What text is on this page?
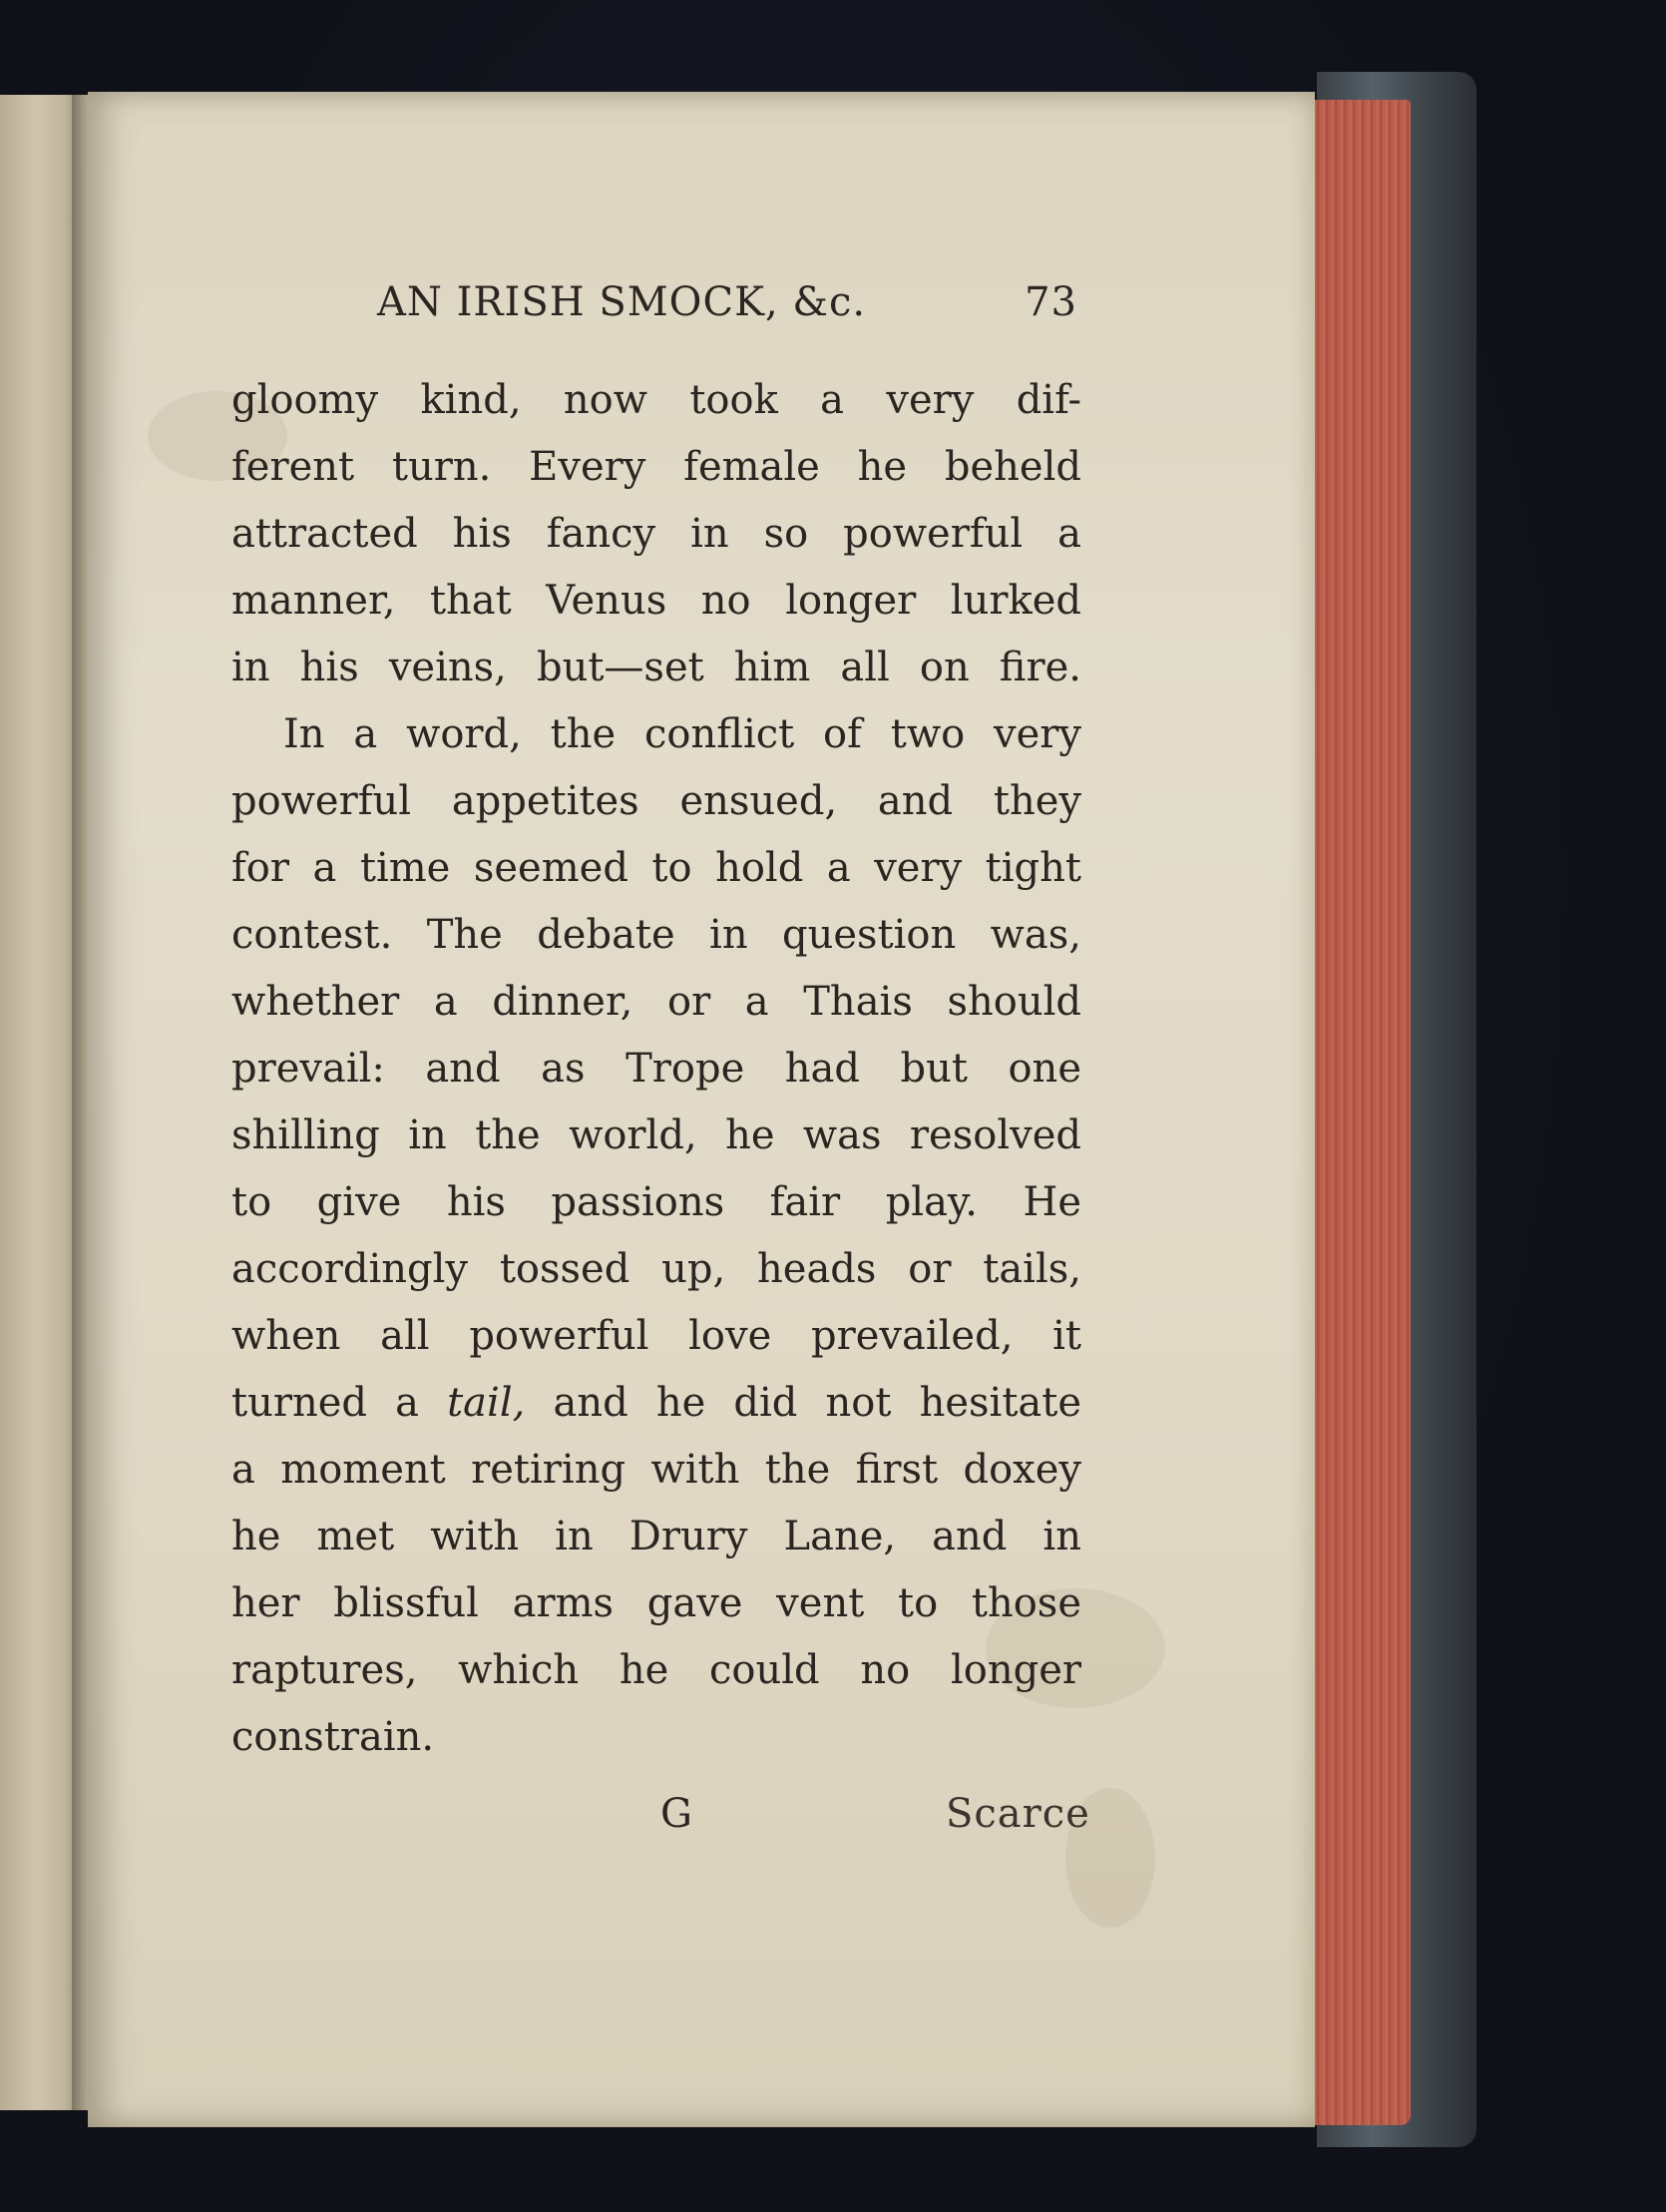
AN IRISH SMOCK, &c.	73
gloomy kind, now took a very dif-
ferent turn. Every female he beheld
attracted his fancy in so powerful a
manner, that Venus no longer lurked
in his veins, but—set him all on fire.
In a word, the conflict of two very
powerful appetites ensued, and they
for a time seemed to hold a very tight
contest. The debate in question was,
whether a dinner, or a Thais should
prevail: and as Trope had but one
shilling in the world, he was resolved
to give his passions fair play. He
accordingly tossed up, heads or tails,
when all powerful love prevailed, it
turned a tail, and he did not hesitate
a moment retiring with the first doxey
he met with in Drury Lane, and in
her blissful arms gave vent to those
raptures, which he could no longer
constrain.
G	Scarce
